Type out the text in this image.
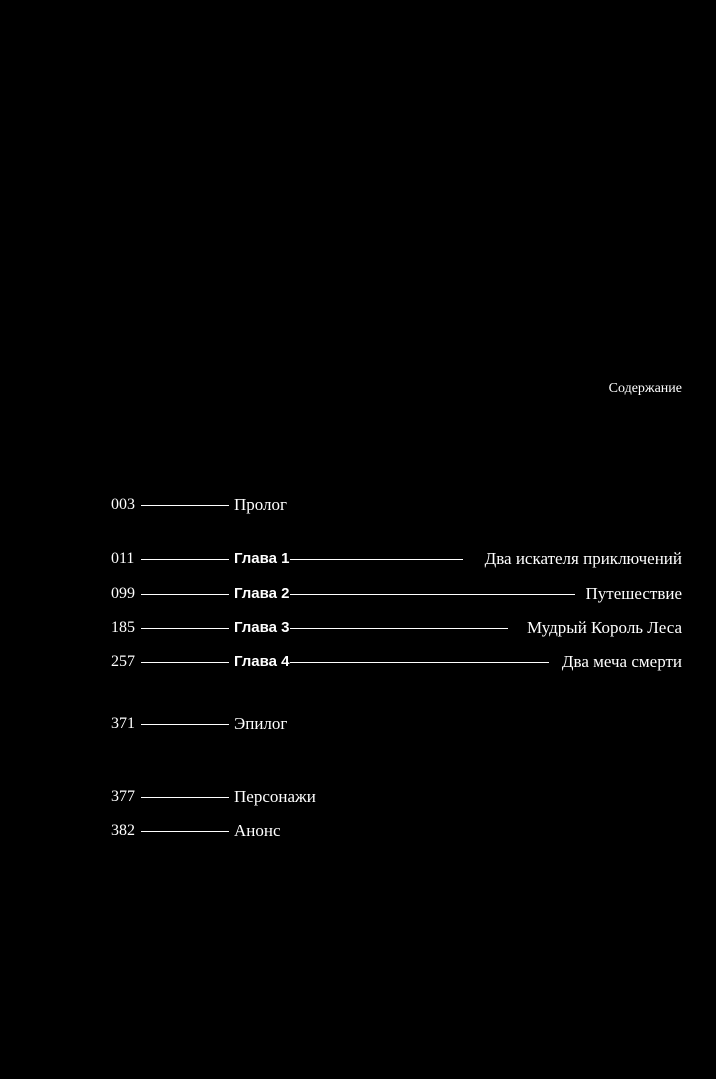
Содержание
003	Пролог
011	Глава 1	Два искателя приключений
099	Глава 2	Путешествие
185	Глава 3	Мудрый Король Леса
257	Глава 4	Два меча смерти
371	Эпилог
377	Персонажи
382	Анонс
